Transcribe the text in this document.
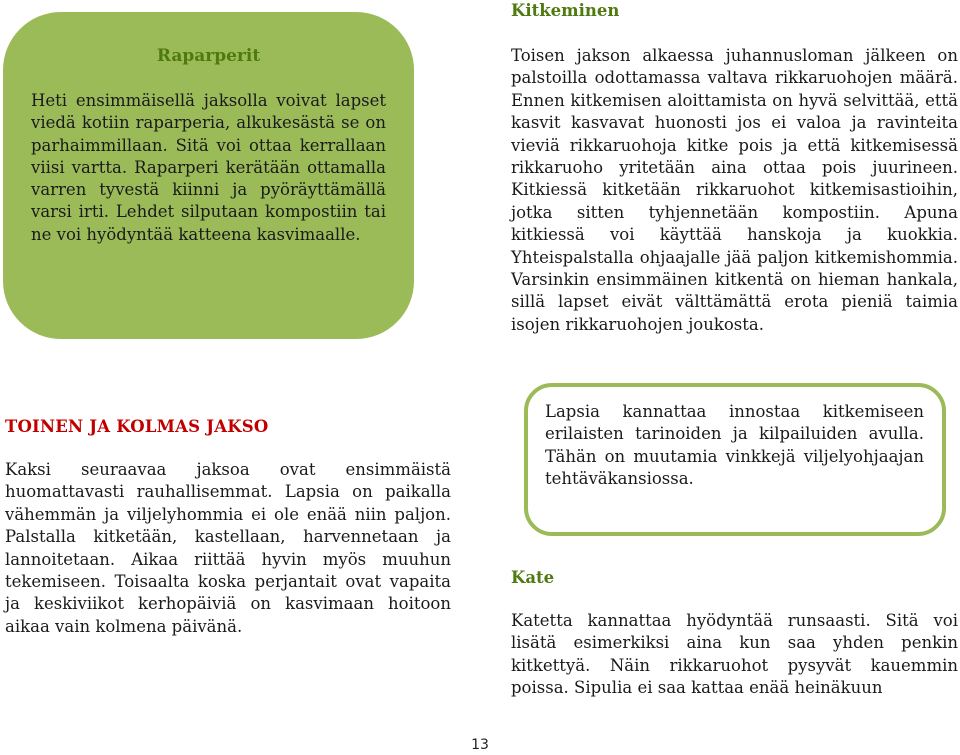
Raparperit

Heti ensimmäisellä jaksolla voivat lapset viedä kotiin raparperia, alkukesästä se on parhaimmillaan. Sitä voi ottaa kerrallaan viisi vartta. Raparperi kerätään ottamalla varren tyvestä kiinni ja pyöräyttämällä varsi irti. Lehdet silputaan kompostiin tai ne voi hyödyntää katteena kasvimaalle.

Kitkeminen

Toisen jakson alkaessa juhannusloman jälkeen on palstoilla odottamassa valtava rikkaruohojen määrä. Ennen kitkemisen aloittamista on hyvä selvittää, että kasvit kasvavat huonosti jos ei valoa ja ravinteita vieviä rikkaruohoja kitke pois ja että kitkemisessä rikkaruoho yritetään aina ottaa pois juurineen. Kitkiessä kitketään rikkaruohot kitkemisastioihin, jotka sitten tyhjennetään kompostiin. Apuna kitkiessä voi käyttää hanskoja ja kuokkia. Yhteispalstalla ohjaajalle jää paljon kitkemishommia. Varsinkin ensimmäinen kitkentä on hieman hankala, sillä lapset eivät välttämättä erota pieniä taimia isojen rikkaruohojen joukosta.

TOINEN JA KOLMAS JAKSO

Kaksi seuraavaa jaksoa ovat ensimmäistä huomattavasti rauhallisemmat. Lapsia on paikalla vähemmän ja viljelyhommia ei ole enää niin paljon. Palstalla kitketään, kastellaan, harvennetaan ja lannoitetaan. Aikaa riittää hyvin myös muuhun tekemiseen. Toisaalta koska perjantait ovat vapaita ja keskiviikot kerhopäiviä on kasvimaan hoitoon aikaa vain kolmena päivänä.

Lapsia kannattaa innostaa kitkemiseen erilaisten tarinoiden ja kilpailuiden avulla. Tähän on muutamia vinkkejä viljelyohjaajan tehtäväkansiossa.

Kate

Katetta kannattaa hyödyntää runsaasti. Sitä voi lisätä esimerkiksi aina kun saa yhden penkin kitkettyä. Näin rikkaruohot pysyvät kauemmin poissa. Sipulia ei saa kattaa enää heinäkuun

13
